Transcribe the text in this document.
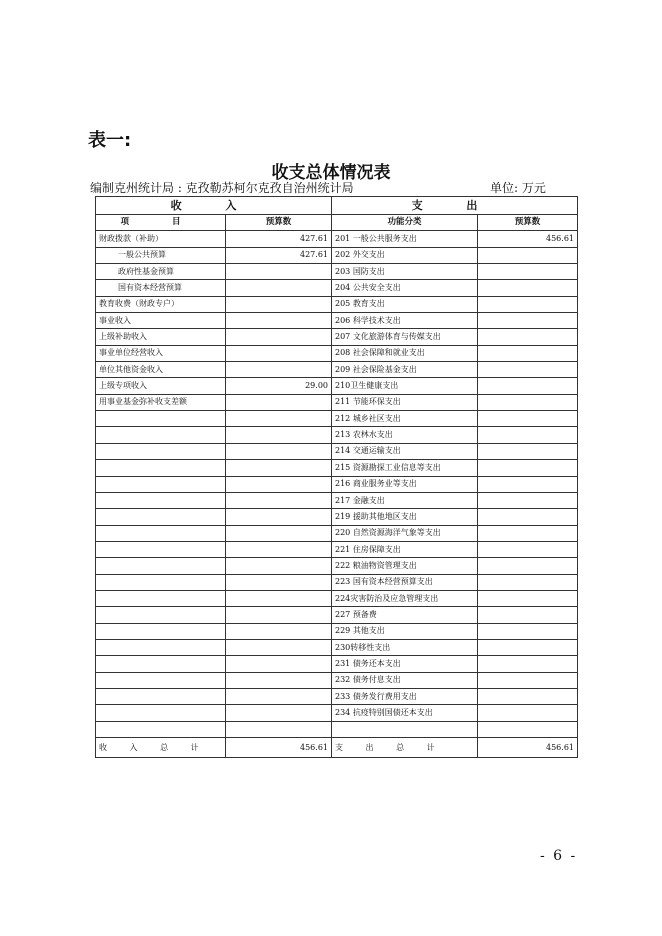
表一:
收支总体情况表
编制克州统计局 : 克孜勒苏柯尔克孜自治州统计局	单位: 万元
收 入		支 出	
项 目	预算数	功能分类	预算数
财政拨款（补助）	427.61	201 一般公共服务支出	456.61
一般公共预算	427.61	202 外交支出	
政府性基金预算		203 国防支出	
国有资本经营预算		204 公共安全支出	
教育收费（财政专户）		205 教育支出	
事业收入		206 科学技术支出	
上级补助收入		207 文化旅游体育与传媒支出	
事业单位经营收入		208 社会保障和就业支出	
单位其他资金收入		209 社会保险基金支出	
上级专项收入	29.00	210卫生健康支出	
用事业基金弥补收支差额		211 节能环保支出	
		212 城乡社区支出	
		213 农林水支出	
		214 交通运输支出	
		215 资源勘探工业信息等支出	
		216 商业服务业等支出	
		217 金融支出	
		219 援助其他地区支出	
		220 自然资源海洋气象等支出	
		221 住房保障支出	
		222 粮油物资管理支出	
		223 国有资本经营预算支出	
		224灾害防治及应急管理支出	
		227 预备费	
		229 其他支出	
		230转移性支出	
		231 债务还本支出	
		232 债务付息支出	
		233 债务发行费用支出	
		234 抗疫特别国债还本支出	

收 入 总 计	456.61	支 出 总 计	456.61
- 6 -
